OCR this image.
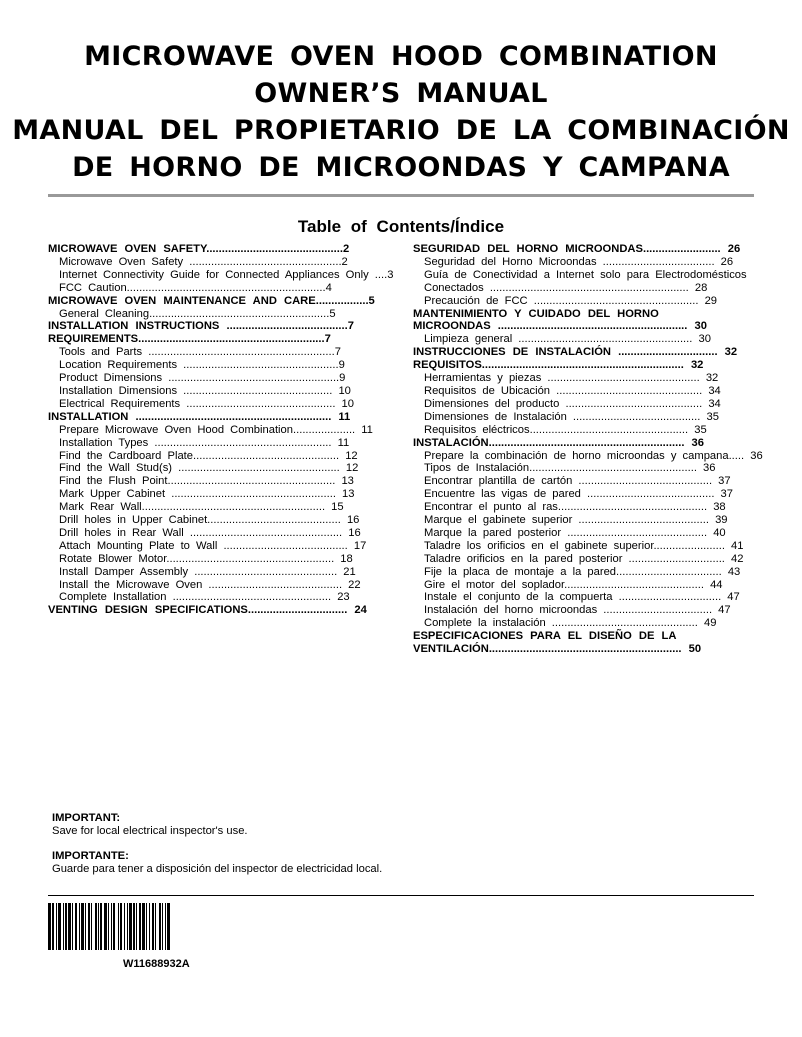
MICROWAVE OVEN HOOD COMBINATION
OWNER’S MANUAL
MANUAL DEL PROPIETARIO DE LA COMBINACIÓN
DE HORNO DE MICROONDAS Y CAMPANA
Table of Contents/Índice
MICROWAVE OVEN SAFETY............................................2
Microwave Oven Safety .................................................2
Internet Connectivity Guide for Connected Appliances Only ....3
FCC Caution................................................................4
MICROWAVE OVEN MAINTENANCE AND CARE.................5
General Cleaning..........................................................5
INSTALLATION INSTRUCTIONS .......................................7
REQUIREMENTS............................................................7
Tools and Parts ............................................................7
Location Requirements ..................................................9
Product Dimensions .......................................................9
Installation Dimensions ................................................ 10
Electrical Requirements ................................................ 10
INSTALLATION ............................................................... 11
Prepare Microwave Oven Hood Combination.................... 11
Installation Types ......................................................... 11
Find the Cardboard Plate............................................... 12
Find the Wall Stud(s) .................................................... 12
Find the Flush Point...................................................... 13
Mark Upper Cabinet ..................................................... 13
Mark Rear Wall........................................................... 15
Drill holes in Upper Cabinet........................................... 16
Drill holes in Rear Wall ................................................. 16
Attach Mounting Plate to Wall ........................................ 17
Rotate Blower Motor...................................................... 18
Install Damper Assembly .............................................. 21
Install the Microwave Oven ........................................... 22
Complete Installation ................................................... 23
VENTING DESIGN SPECIFICATIONS................................ 24
SEGURIDAD DEL HORNO MICROONDAS......................... 26
Seguridad del Horno Microondas .................................... 26
Guía de Conectividad a Internet solo para Electrodomésticos
Conectados ................................................................ 28
Precaución de FCC ..................................................... 29
MANTENIMIENTO Y CUIDADO DEL HORNO
MICROONDAS ............................................................. 30
Limpieza general ........................................................ 30
INSTRUCCIONES DE INSTALACIÓN ................................ 32
REQUISITOS................................................................. 32
Herramientas y piezas ................................................. 32
Requisitos de Ubicación ............................................... 34
Dimensiones del producto ............................................ 34
Dimensiones de Instalación ......................................... 35
Requisitos eléctricos................................................... 35
INSTALACIÓN............................................................... 36
Prepare la combinación de horno microondas y campana..... 36
Tipos de Instalación...................................................... 36
Encontrar plantilla de cartón ........................................... 37
Encuentre las vigas de pared ......................................... 37
Encontrar el punto al ras................................................ 38
Marque el gabinete superior .......................................... 39
Marque la pared posterior ............................................. 40
Taladre los orificios en el gabinete superior....................... 41
Taladre orificios en la pared posterior ............................... 42
Fije la placa de montaje a la pared.................................. 43
Gire el motor del soplador............................................. 44
Instale el conjunto de la compuerta ................................. 47
Instalación del horno microondas ................................... 47
Complete la instalación ............................................... 49
ESPECIFICACIONES PARA EL DISEÑO DE LA
VENTILACIÓN.............................................................. 50
IMPORTANT:
Save for local electrical inspector's use.
IMPORTANTE:
Guarde para tener a disposición del inspector de electricidad local.
W11688932A
